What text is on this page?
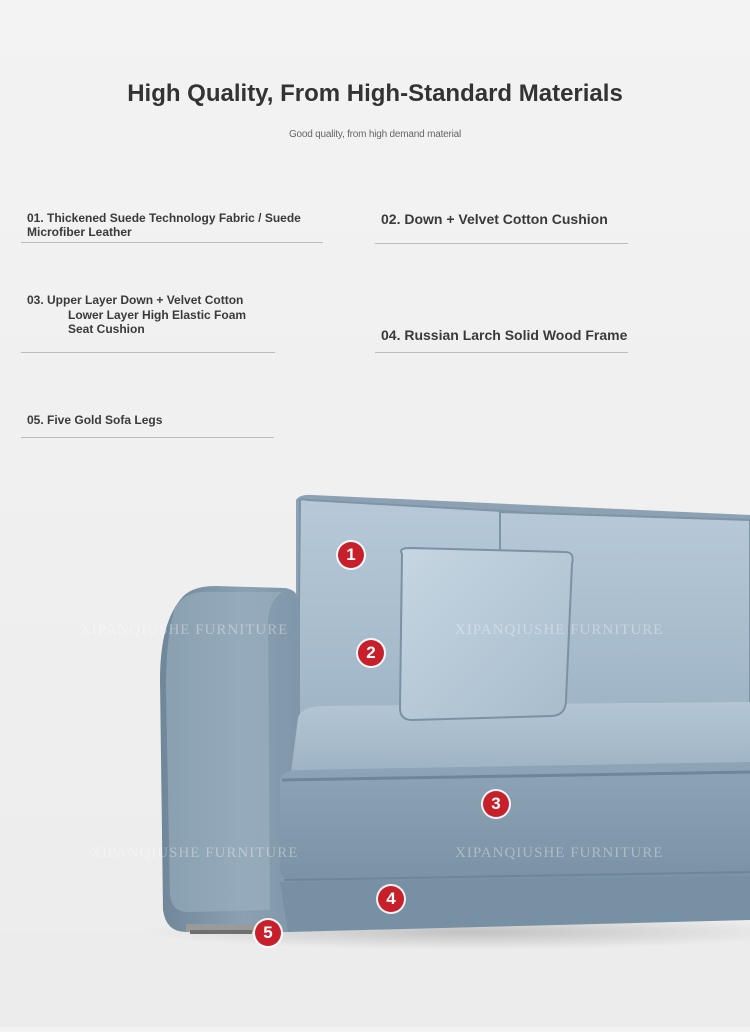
High Quality, From High-Standard Materials
Good quality, from high demand material
01. Thickened Suede Technology Fabric / Suede Microfiber Leather
02. Down + Velvet Cotton Cushion
03. Upper Layer Down + Velvet Cotton
Lower Layer High Elastic Foam Seat Cushion	04. Russian Larch Solid Wood Frame
05. Five Gold Sofa Legs
XIPANQIUSHE FURNITURE	XIPANQIUSHE FURNITURE
XIPANQIUSHE FURNITURE	XIPANQIUSHE FURNITURE
1
2
3
4
5
